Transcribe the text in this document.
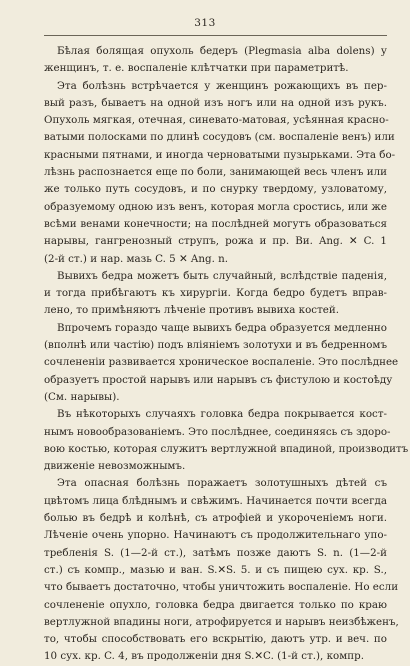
313
Бѣлая болящая опухоль бедеръ (Plegmasia alba dolens) у
женщинъ, т. е. воспаленіе клѣтчатки при параметритѣ.
Эта болѣзнь встрѣчается у женщинъ рожающихъ въ пер-
вый разъ, бываетъ на одной изъ ногъ или на одной изъ рукъ.
Опухоль мягкая, отечная, синевато-матовая, усѣянная красно-
ватыми полосками по длинѣ сосудовъ (см. воспаленіе венъ) или
красными пятнами, и иногда черноватыми пузырьками. Эта бо-
лѣзнь распознается еще по боли, занимающей весь членъ или
же только путь сосудовъ, и по снурку твердому, узловатому,
образуемому одною изъ венъ, которая могла сростись, или же
всѣми венами конечности; на послѣдней могутъ образоваться
нарывы, гангренозный струпъ, рожа и пр. Ви. Ang. ✕ C. 1
(2-й ст.) и нар. мазь C. 5 ✕ Ang. n.
Вывихъ бедра можетъ быть случайный, вслѣдствіе паденія,
и тогда прибѣгаютъ къ хирургіи. Когда бедро будетъ вправ-
лено, то примѣняютъ лѣченіе противъ вывиха костей.
Впрочемъ гораздо чаще вывихъ бедра образуется медленно
(вполнѣ или частію) подъ вліяніемъ золотухи и въ бедренномъ
сочлененіи развивается хроническое воспаленіе. Это послѣднее
образуетъ простой нарывъ или нарывъ съ фистулою и костоѣду
(См. нарывы).
Въ нѣкоторыхъ случаяхъ головка бедра покрывается кост-
нымъ новообразованіемъ. Это послѣднее, соединяясь съ здоро-
вою костью, которая служитъ вертлужной впадиной, производитъ
движеніе невозможнымъ.
Эта опасная болѣзнь поражаетъ золотушныхъ дѣтей съ
цвѣтомъ лица блѣднымъ и свѣжимъ. Начинается почти всегда
болью въ бедрѣ и колѣнѣ, съ атрофіей и укороченіемъ ноги.
Лѣченіе очень упорно. Начинаютъ съ продолжительнаго упо-
требленія S. (1—2-й ст.), затѣмъ позже даютъ S. n. (1—2-й
ст.) съ компр., мазью и ван. S.✕S. 5. и съ пищею сух. кр. S.,
что бываетъ достаточно, чтобы уничтожить воспаленіе. Но если
сочлененіе опухло, головка бедра двигается только по краю
вертлужной впадины ноги, атрофируется и нарывъ неизбѣженъ,
то, чтобы способствовать его вскрытію, даютъ утр. и веч. по
10 сух. кр. C. 4, въ продолженіи дня S.✕C. (1-й ст.), компр.
